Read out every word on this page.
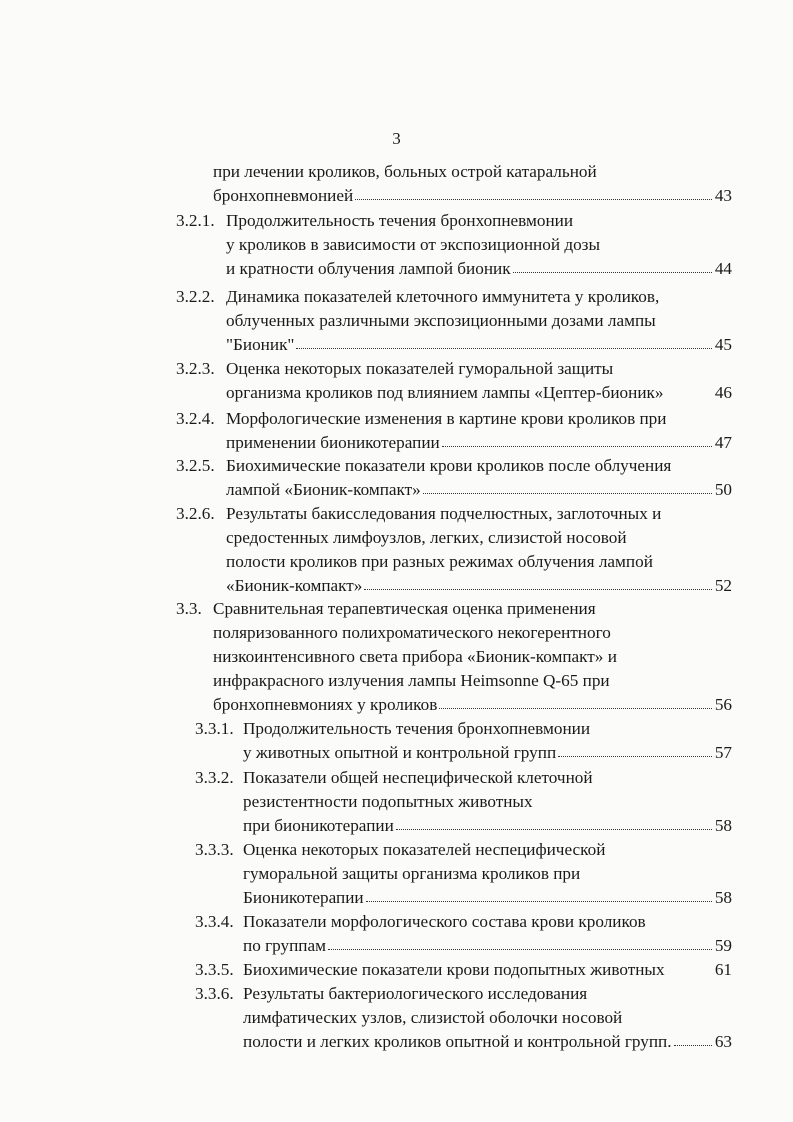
3
при лечении кроликов, больных острой катаральной
бронхопневмонией	43
3.2.1. Продолжительность течения бронхопневмонии
у кроликов в зависимости от экспозиционной дозы
и кратности облучения лампой бионик	44
3.2.2. Динамика показателей клеточного иммунитета у кроликов,
облученных различными экспозиционными дозами лампы
"Бионик"	45
3.2.3. Оценка некоторых показателей гуморальной защиты
организма кроликов под влиянием лампы «Цептер-бионик»	46
3.2.4. Морфологические изменения в картине крови кроликов при
применении бионикотерапии	47
3.2.5. Биохимические показатели крови кроликов после облучения
лампой «Бионик-компакт»	50
3.2.6. Результаты бакисследования подчелюстных, заглоточных и
средостенных лимфоузлов, легких, слизистой носовой
полости кроликов при разных режимах облучения лампой
«Бионик-компакт»	52
3.3. Сравнительная терапевтическая оценка применения
поляризованного полихроматического некогерентного
низкоинтенсивного света прибора «Бионик-компакт» и
инфракрасного излучения лампы Heimsonne Q-65 при
бронхопневмониях у кроликов	56
3.3.1. Продолжительность течения бронхопневмонии
у животных опытной и контрольной групп	57
3.3.2. Показатели общей неспецифической клеточной
резистентности подопытных животных
при бионикотерапии	58
3.3.3. Оценка некоторых показателей неспецифической
гуморальной защиты организма кроликов при
Бионикотерапии	58
3.3.4. Показатели морфологического состава крови кроликов
по группам	59
3.3.5. Биохимические показатели крови подопытных животных	61
3.3.6. Результаты бактериологического исследования
лимфатических узлов, слизистой оболочки носовой
полости и легких кроликов опытной и контрольной групп.	63
